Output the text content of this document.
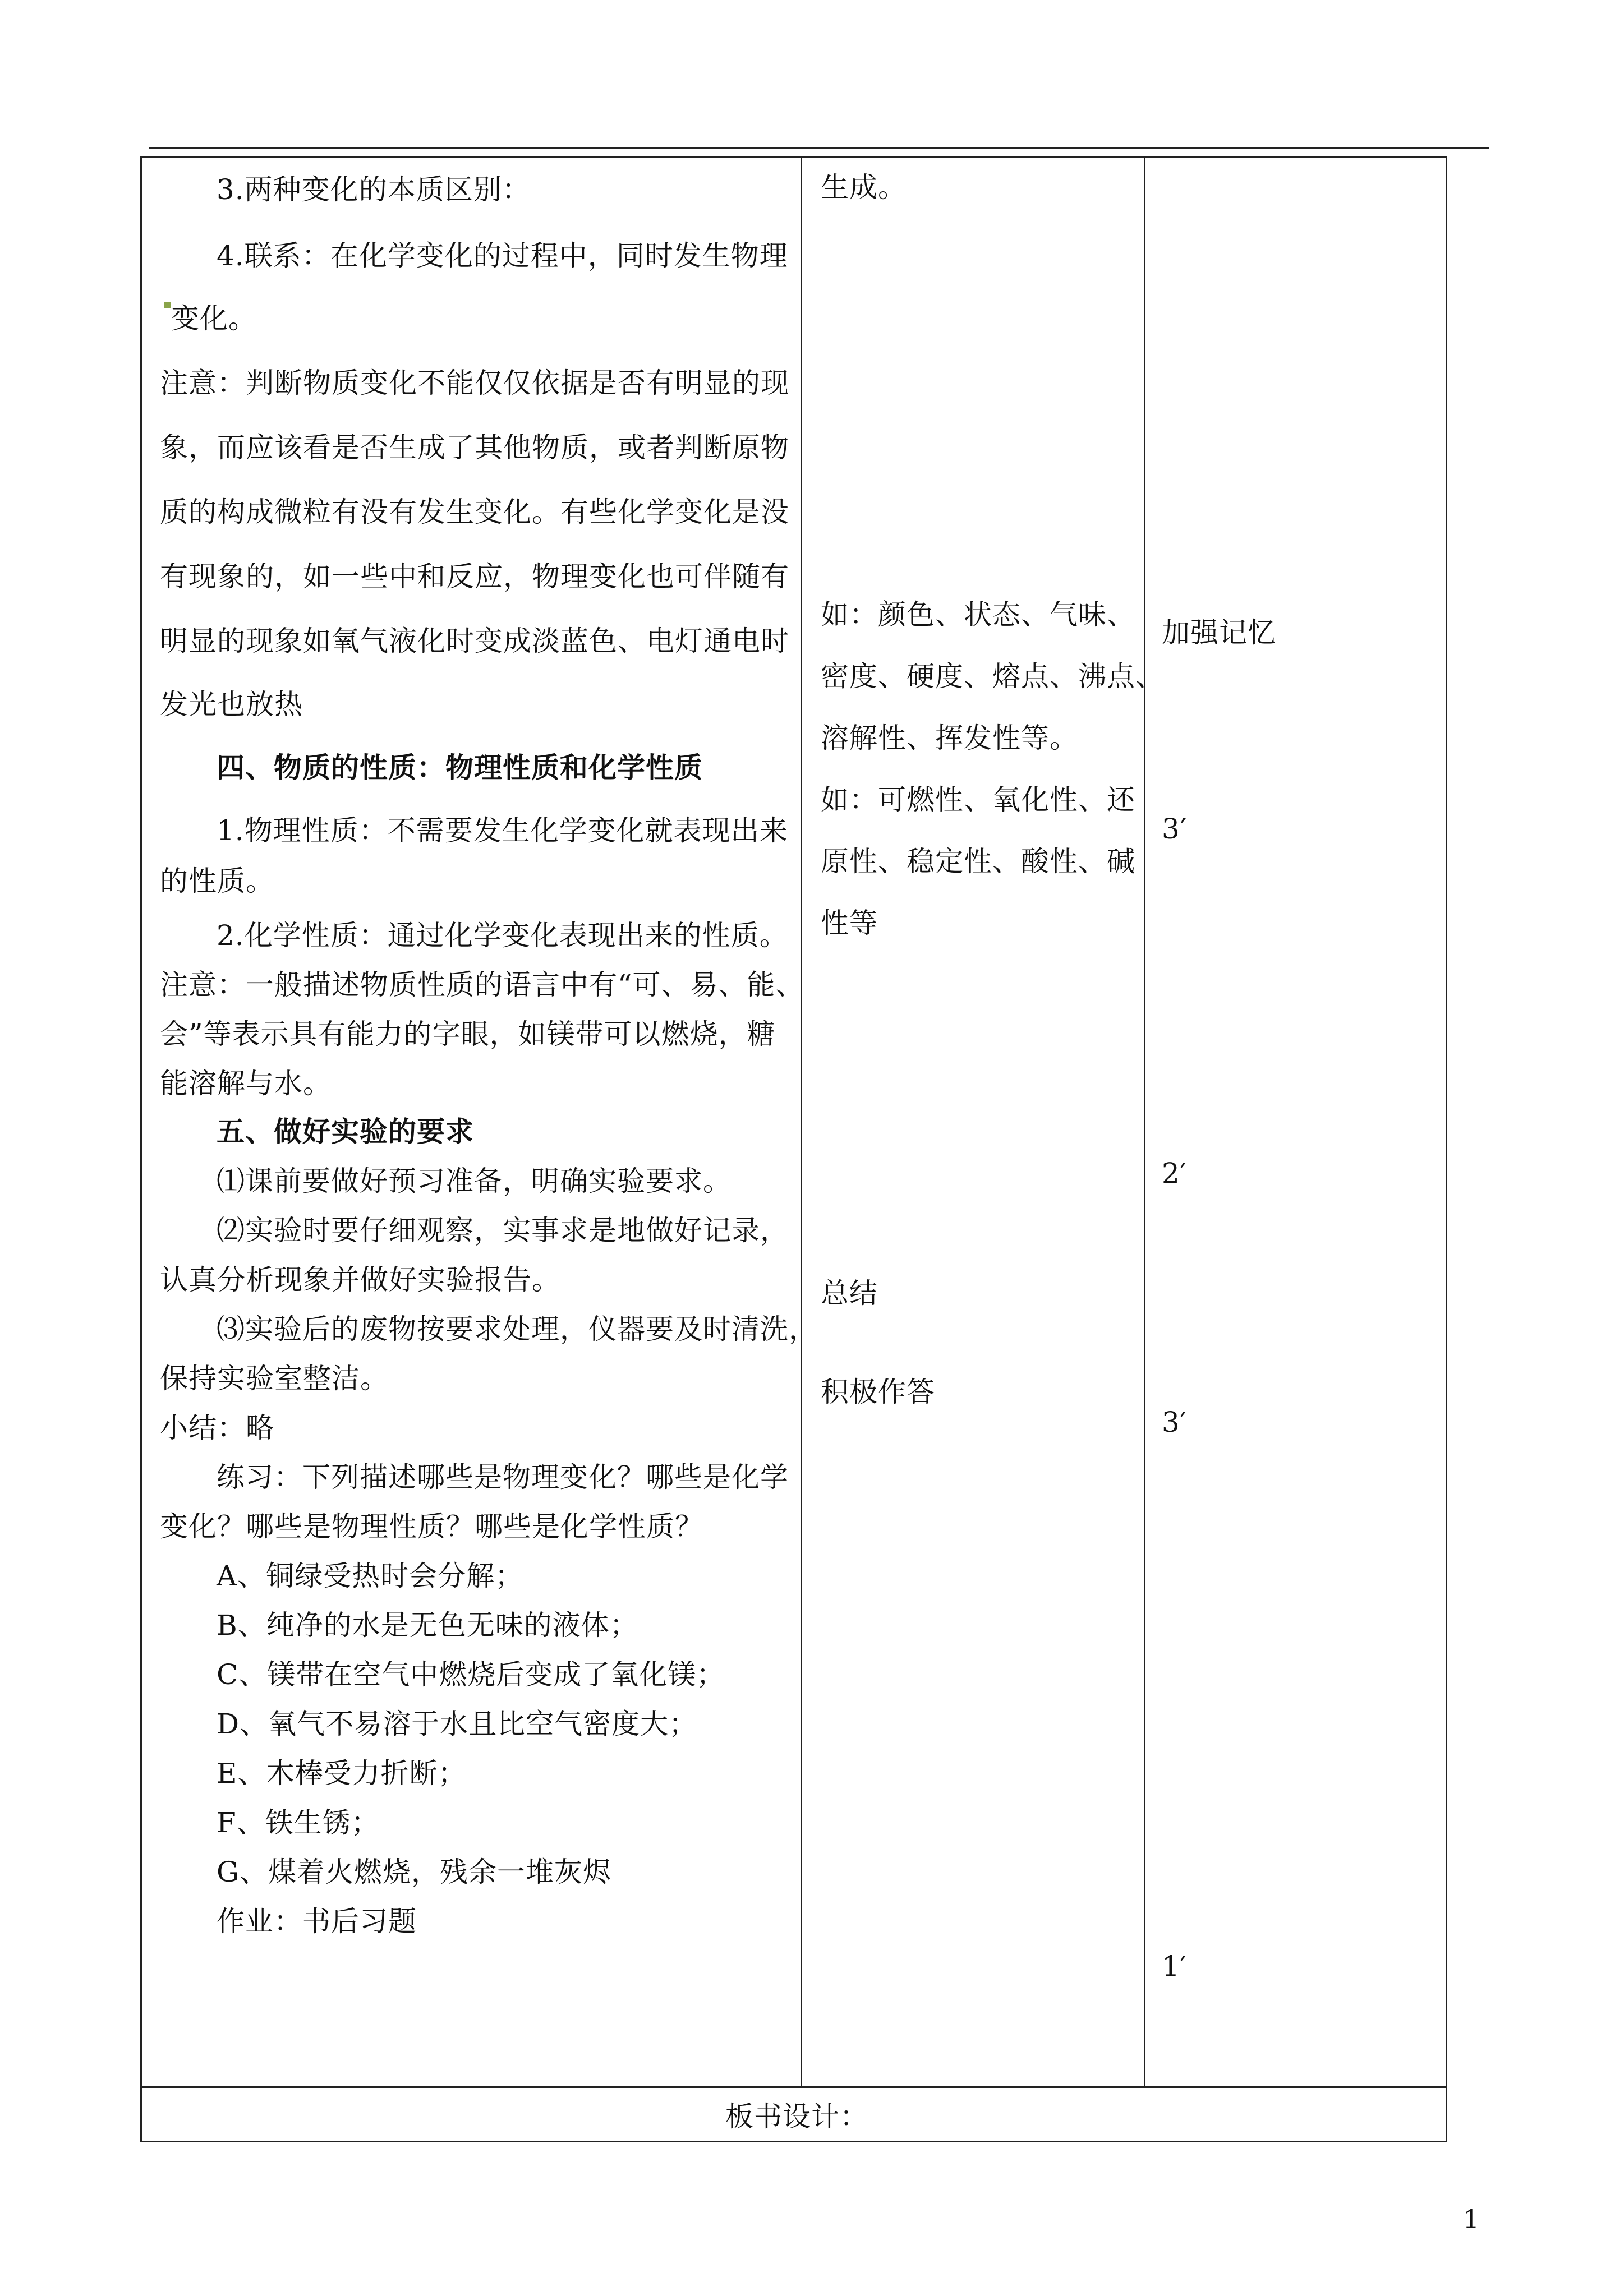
3.两种变化的本质区别：
4.联系：在化学变化的过程中，同时发生物理
变化。
注意：判断物质变化不能仅仅依据是否有明显的现
象，而应该看是否生成了其他物质，或者判断原物
质的构成微粒有没有发生变化。有些化学变化是没
有现象的，如一些中和反应，物理变化也可伴随有
明显的现象如氧气液化时变成淡蓝色、电灯通电时
发光也放热
四、物质的性质：物理性质和化学性质
1.物理性质：不需要发生化学变化就表现出来
的性质。
2.化学性质：通过化学变化表现出来的性质。
注意：一般描述物质性质的语言中有“可、易、能、
会”等表示具有能力的字眼，如镁带可以燃烧，糖
能溶解与水。
五、做好实验的要求
⑴课前要做好预习准备，明确实验要求。
⑵实验时要仔细观察，实事求是地做好记录，
认真分析现象并做好实验报告。
⑶实验后的废物按要求处理，仪器要及时清洗，
保持实验室整洁。
小结：略
练习：下列描述哪些是物理变化？哪些是化学
变化？哪些是物理性质？哪些是化学性质？
A、铜绿受热时会分解；
B、纯净的水是无色无味的液体；
C、镁带在空气中燃烧后变成了氧化镁；
D、氧气不易溶于水且比空气密度大；
E、木棒受力折断；
F、铁生锈；
G、煤着火燃烧，残余一堆灰烬
作业：书后习题
生成。
如：颜色、状态、气味、
密度、硬度、熔点、沸点、
溶解性、挥发性等。
如：可燃性、氧化性、还
原性、稳定性、酸性、碱
性等
总结
积极作答
加强记忆
3′
2′
3′
1′
板书设计：
1
